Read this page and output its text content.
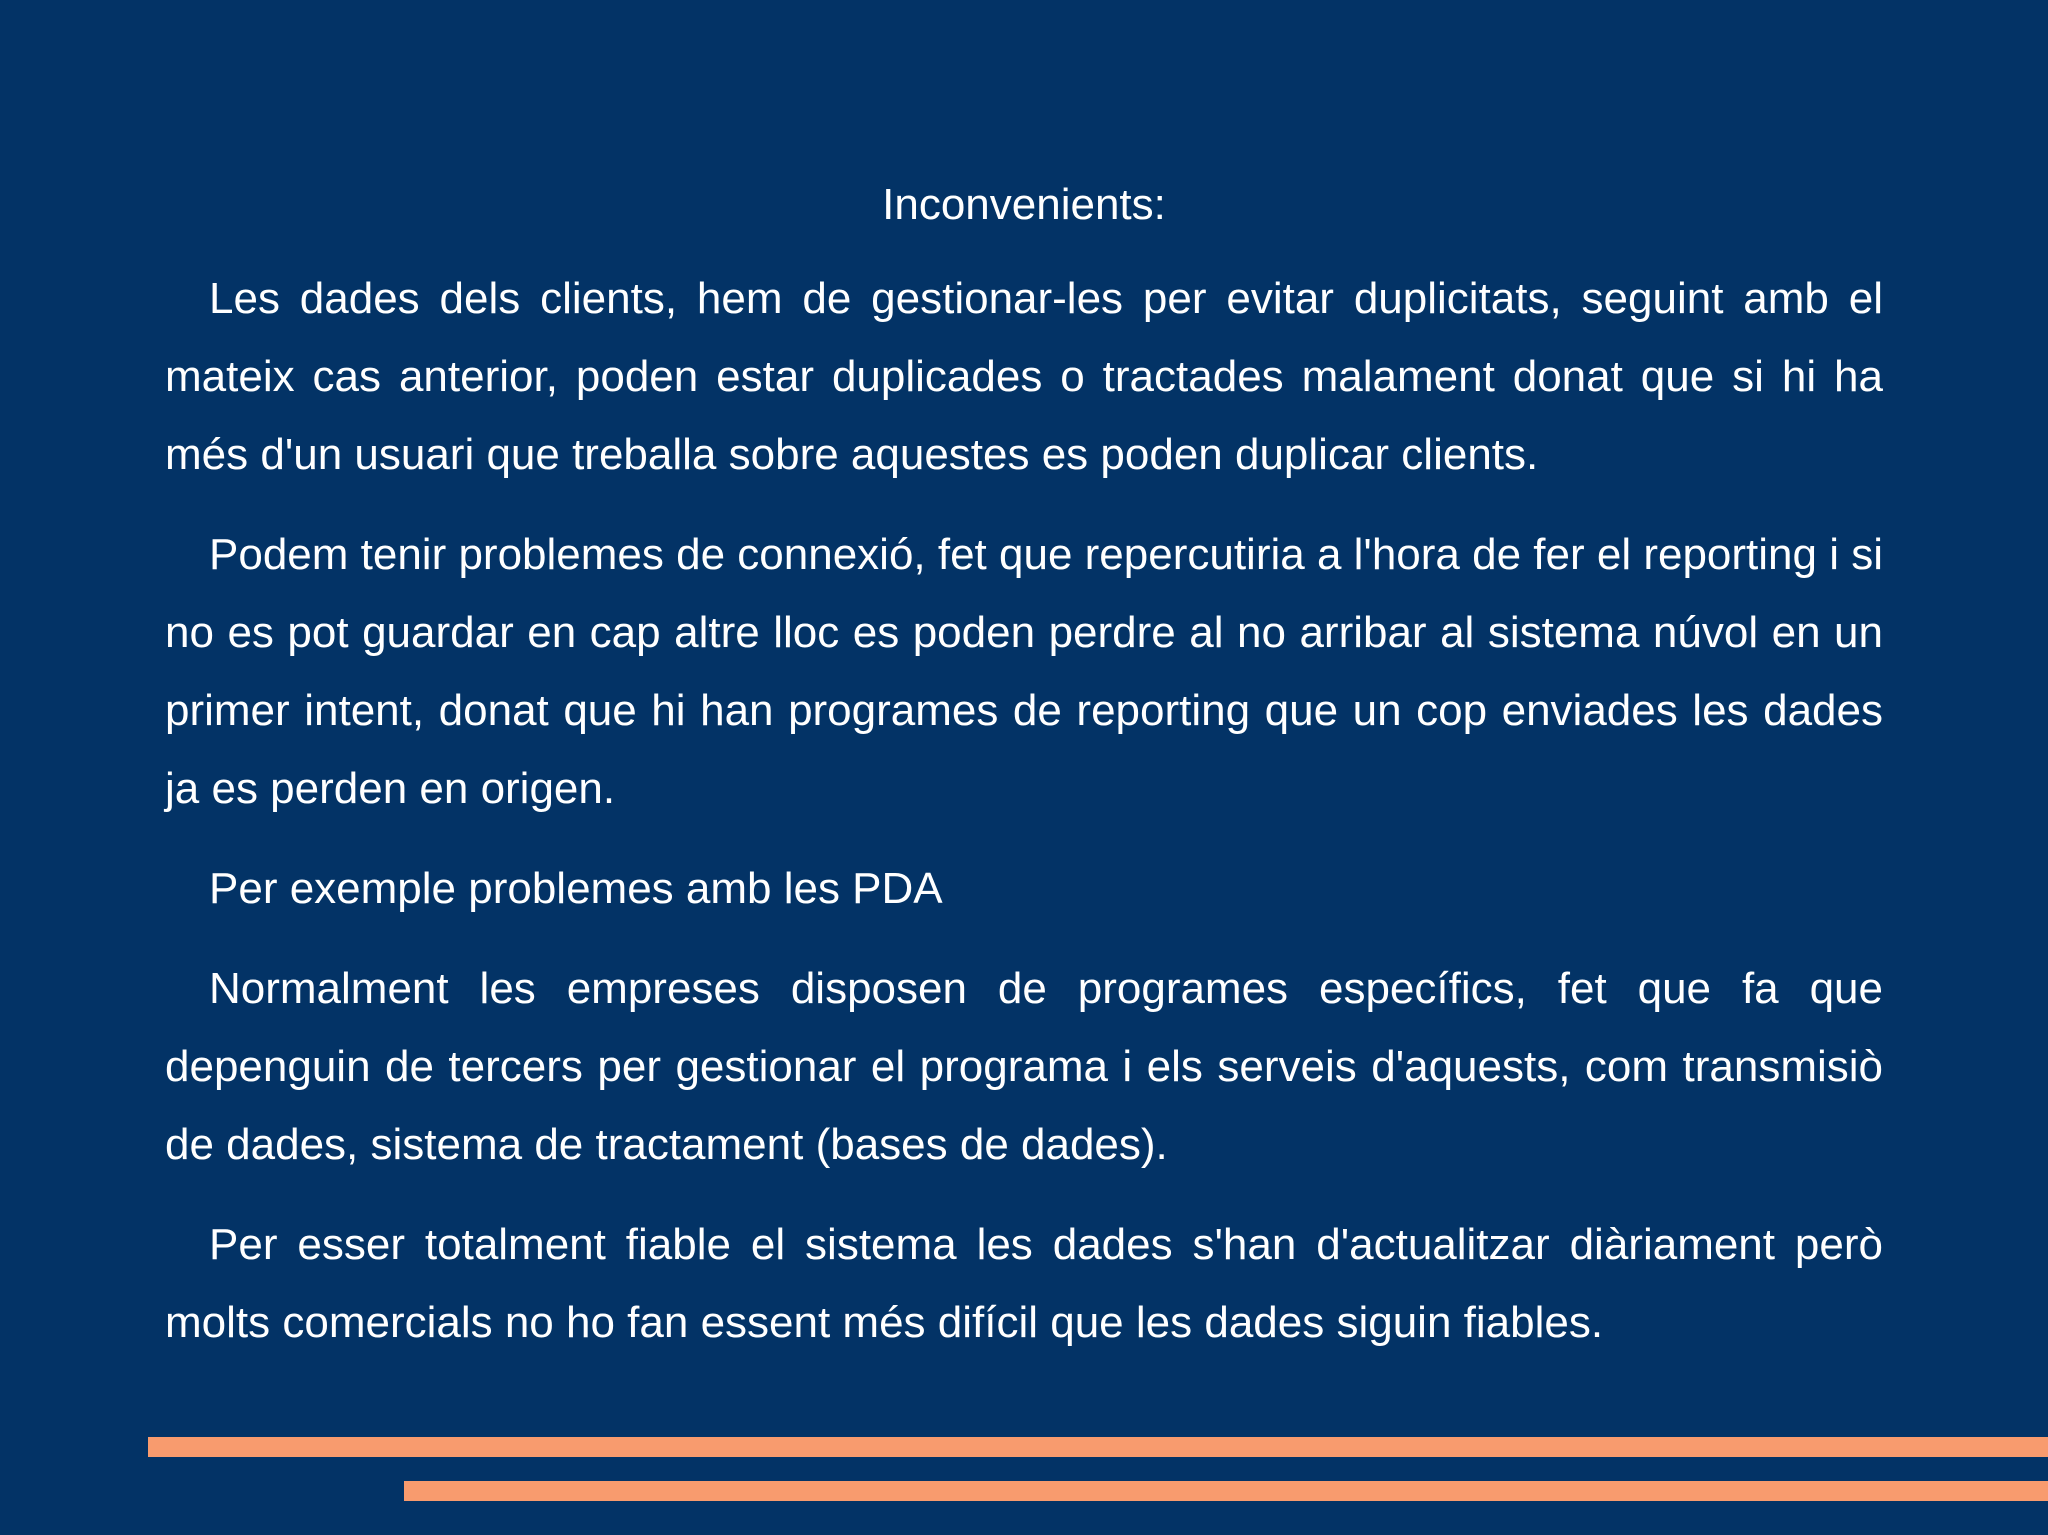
Inconvenients:

Les dades dels clients, hem de gestionar-les per evitar duplicitats, seguint amb el mateix cas anterior, poden estar duplicades o tractades malament donat que si hi ha més d'un usuari que treballa sobre aquestes es poden duplicar clients.

Podem tenir problemes de connexió, fet que repercutiria a l'hora de fer el reporting i si no es pot guardar en cap altre lloc es poden perdre al no arribar al sistema núvol en un primer intent, donat que hi han programes de reporting que un cop enviades les dades ja es perden en origen.

Per exemple problemes amb les PDA

Normalment les empreses disposen de programes específics, fet que fa que depenguin de tercers per gestionar el programa i els serveis d'aquests, com transmisiò de dades, sistema de tractament (bases de dades).

Per esser totalment fiable el sistema les dades s'han d'actualitzar diàriament però molts comercials no ho fan essent més difícil que les dades siguin fiables.
